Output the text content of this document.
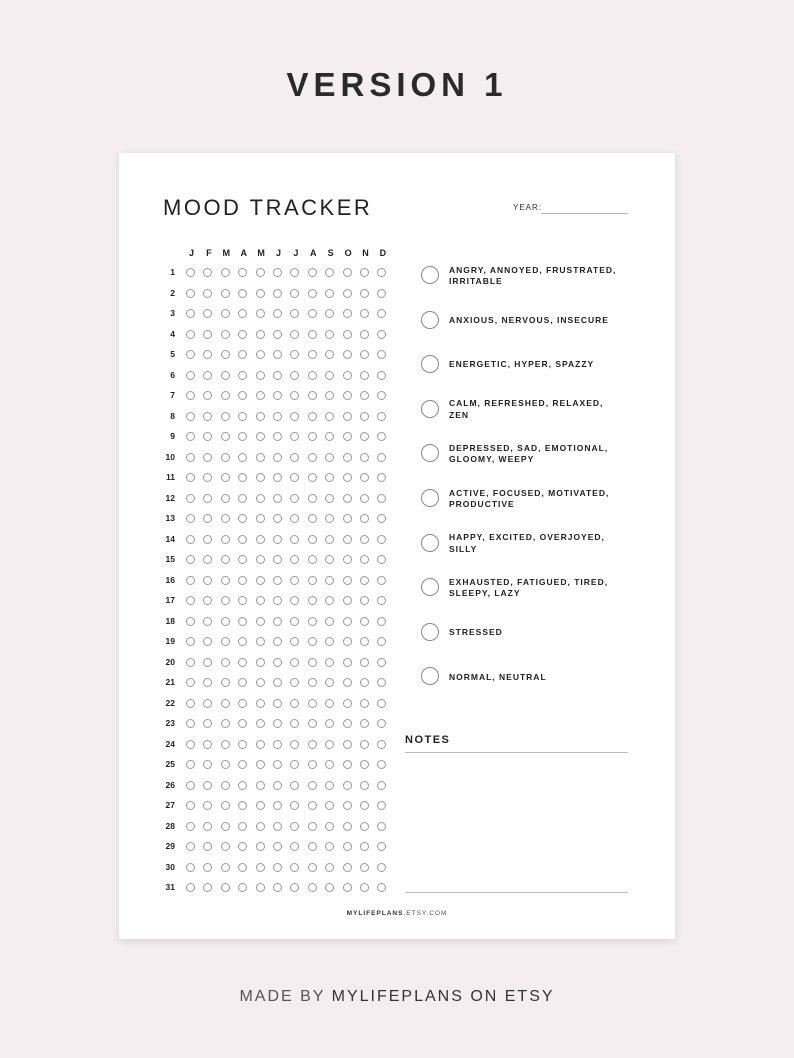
VERSION 1
MOOD TRACKER	YEAR:
J	F	M	A	M	J	J	A	S	O	N	D
1
2
3
4
5
6
7
8
9
10
11
12
13
14
15
16
17
18
19
20
21
22
23
24
25
26
27
28
29
30
31
ANGRY, ANNOYED, FRUSTRATED,
IRRITABLE
ANXIOUS, NERVOUS, INSECURE
ENERGETIC, HYPER, SPAZZY
CALM, REFRESHED, RELAXED,
ZEN
DEPRESSED, SAD, EMOTIONAL,
GLOOMY, WEEPY
ACTIVE, FOCUSED, MOTIVATED,
PRODUCTIVE
HAPPY, EXCITED, OVERJOYED,
SILLY
EXHAUSTED, FATIGUED, TIRED,
SLEEPY, LAZY
STRESSED
NORMAL, NEUTRAL
NOTES
MYLIFEPLANS.ETSY.COM
MADE BY MYLIFEPLANS ON ETSY
